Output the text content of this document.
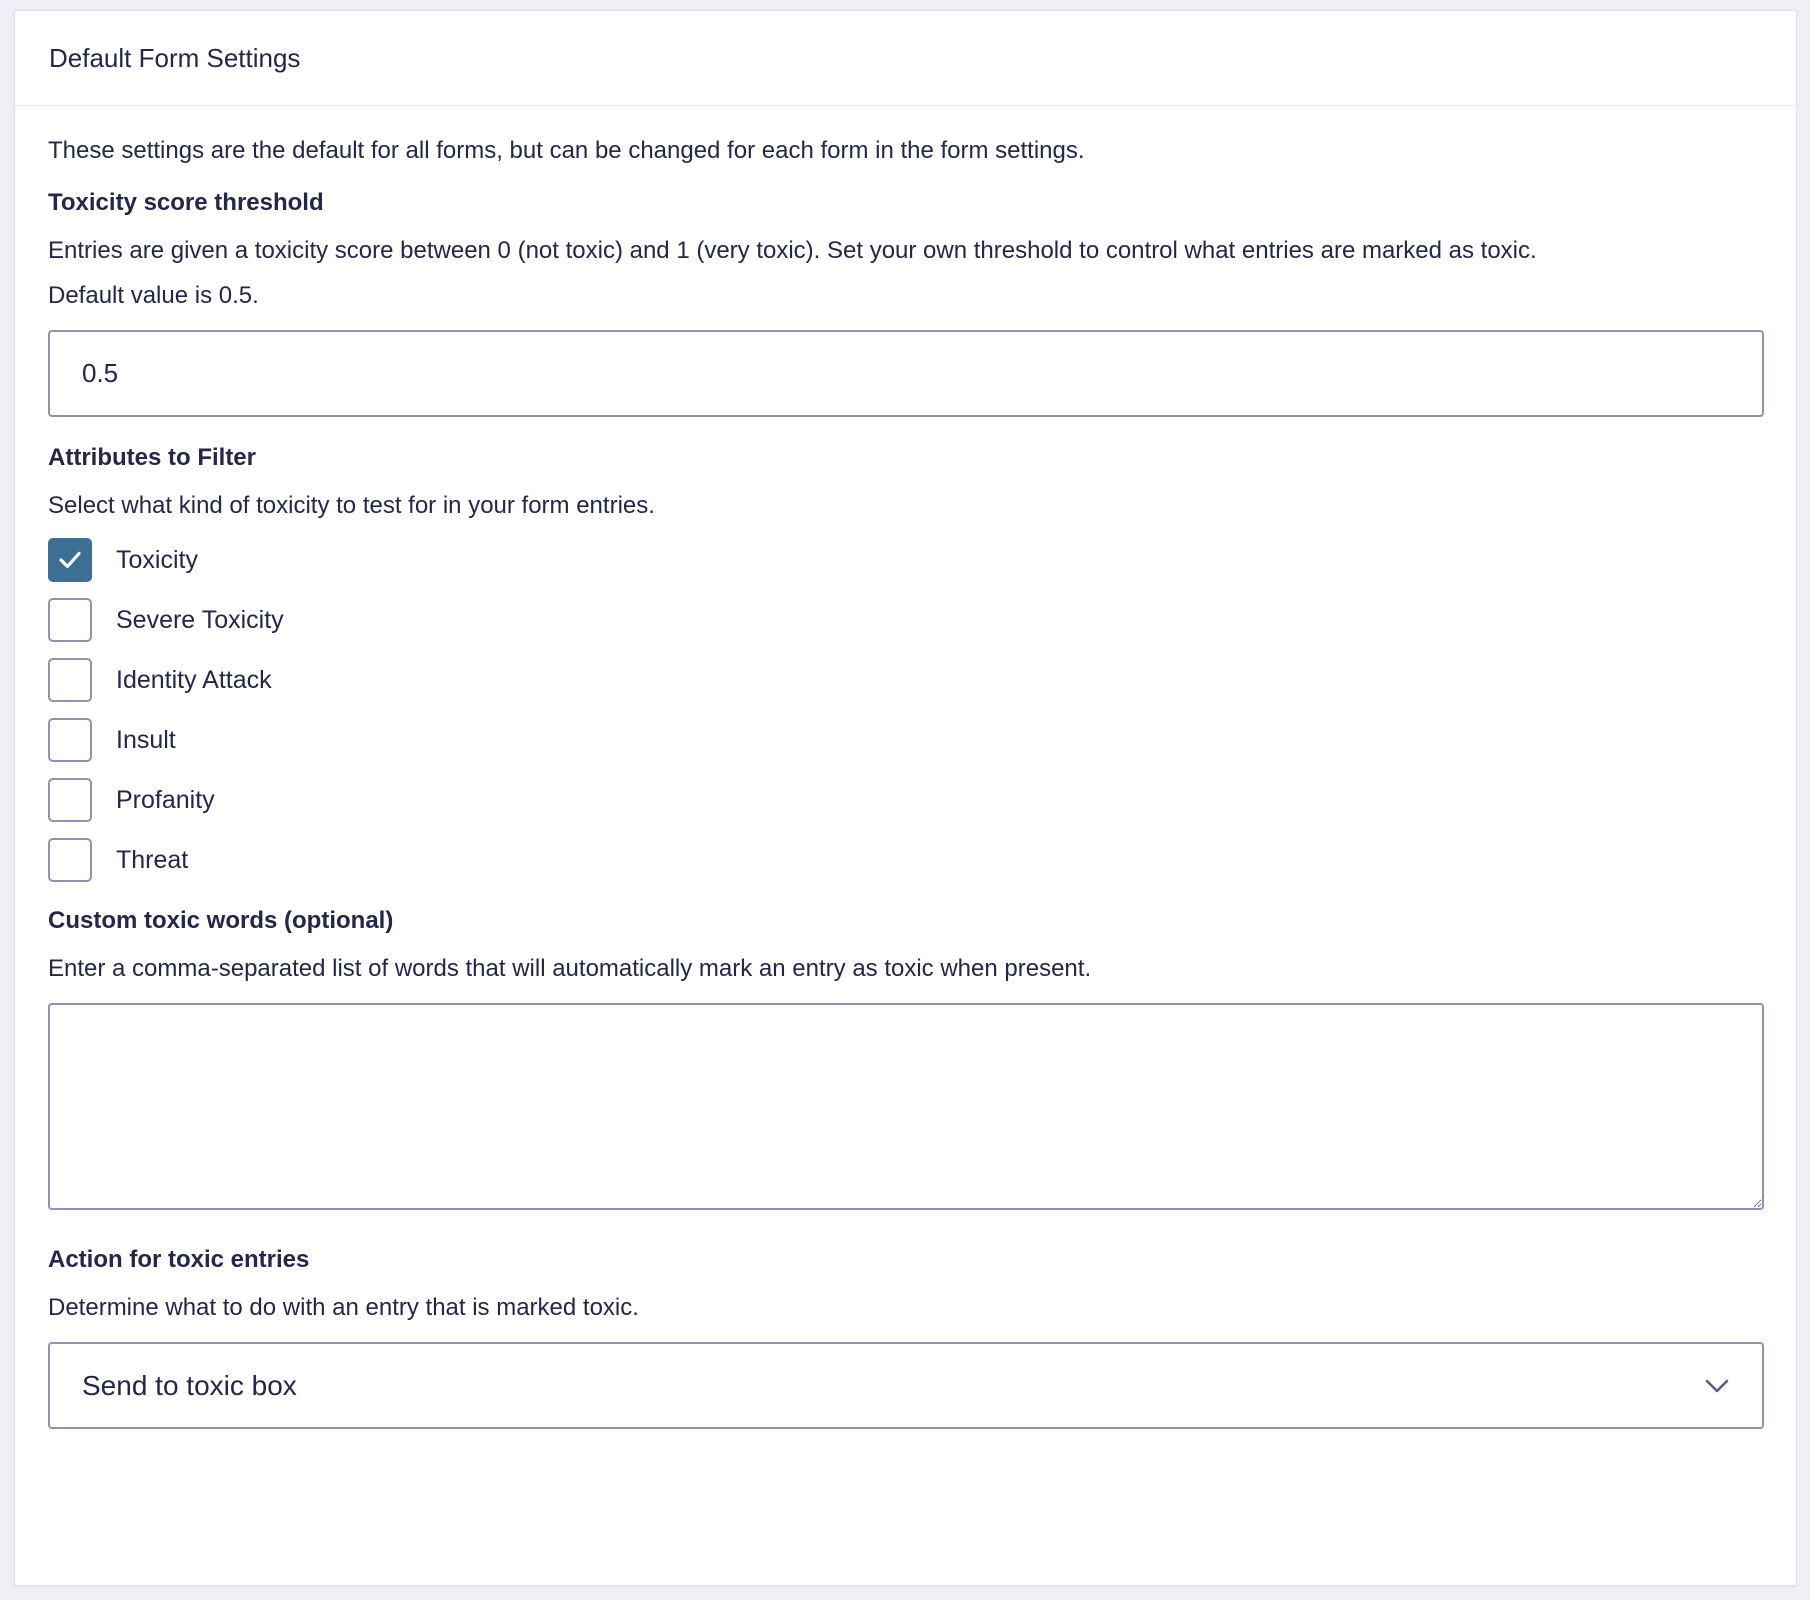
Default Form Settings

These settings are the default for all forms, but can be changed for each form in the form settings.

Toxicity score threshold
Entries are given a toxicity score between 0 (not toxic) and 1 (very toxic). Set your own threshold to control what entries are marked as toxic.
Default value is 0.5.
0.5
Attributes to Filter
Select what kind of toxicity to test for in your form entries.
Toxicity
Severe Toxicity
Identity Attack
Insult
Profanity
Threat
Custom toxic words (optional)
Enter a comma-separated list of words that will automatically mark an entry as toxic when present.
Action for toxic entries
Determine what to do with an entry that is marked toxic.
Send to toxic box
